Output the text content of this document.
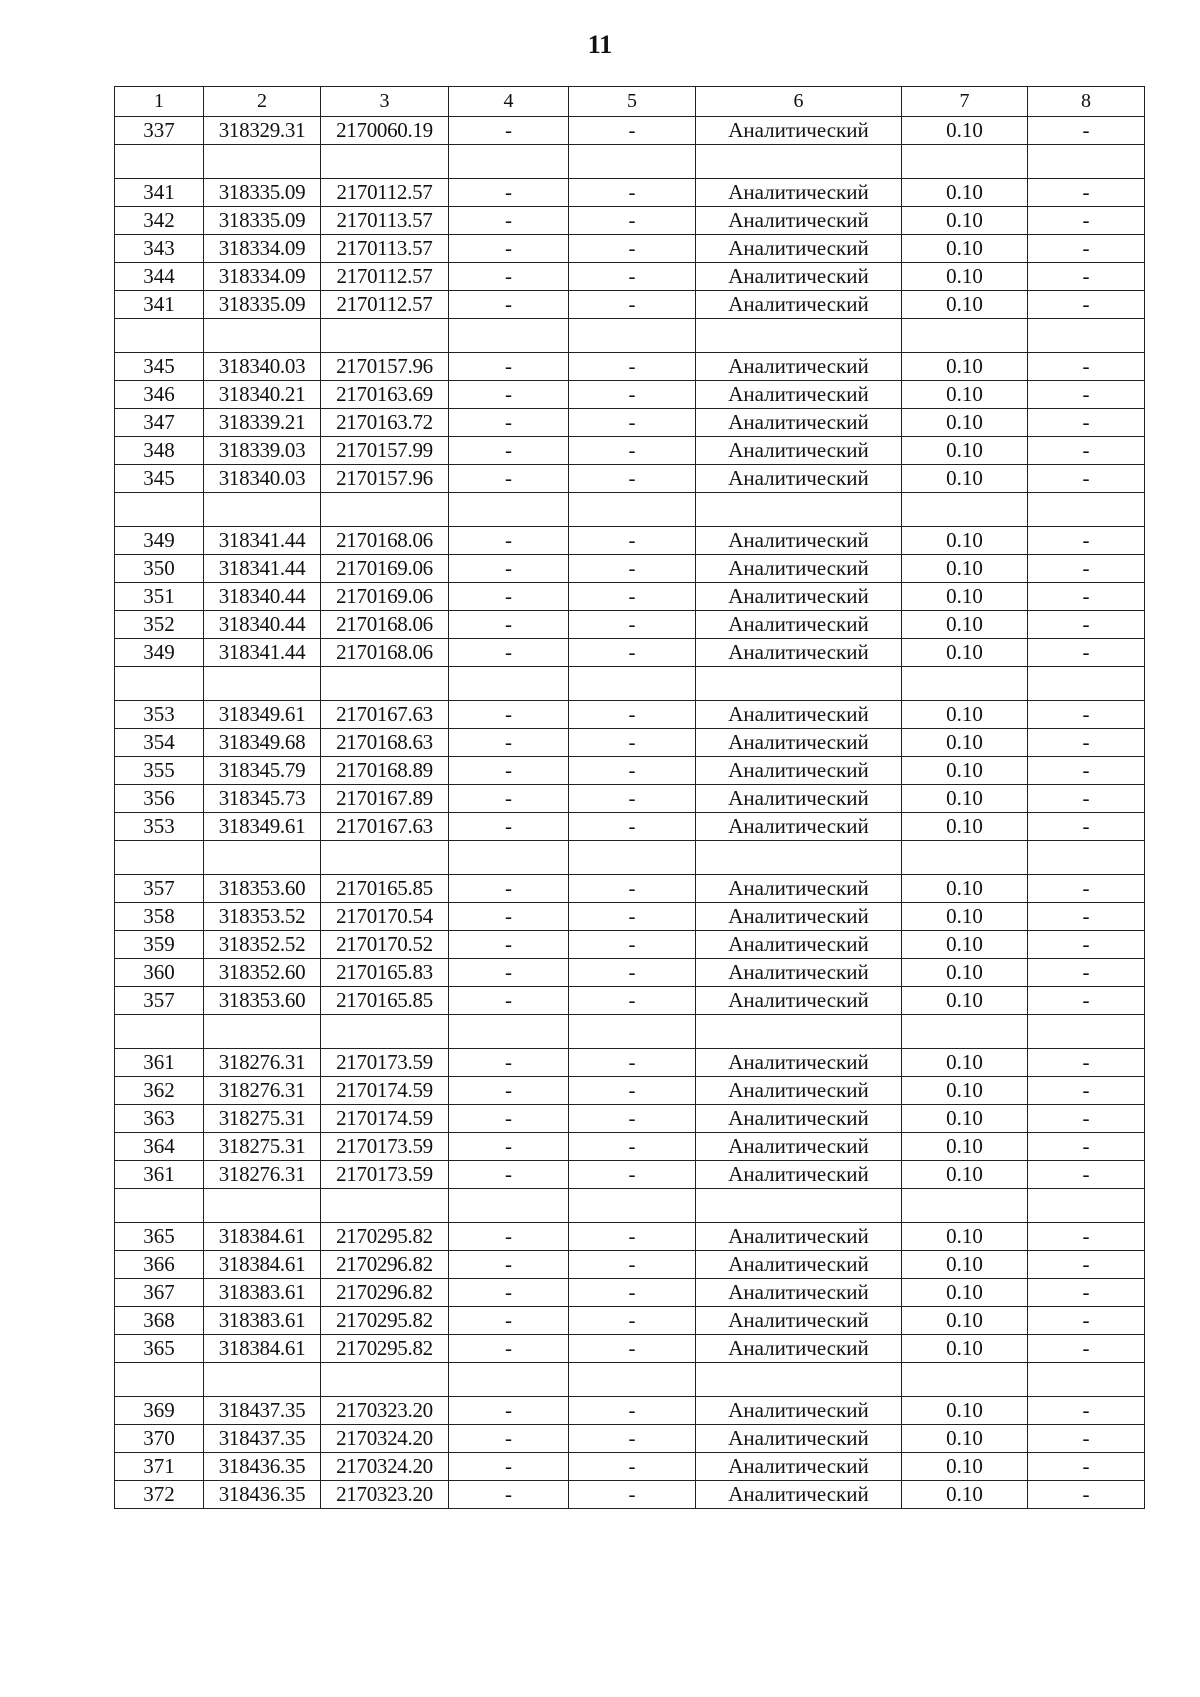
11
1	2	3	4	5	6	7	8
337	318329.31	2170060.19	-	-	Аналитический	0.10	-

341	318335.09	2170112.57	-	-	Аналитический	0.10	-
342	318335.09	2170113.57	-	-	Аналитический	0.10	-
343	318334.09	2170113.57	-	-	Аналитический	0.10	-
344	318334.09	2170112.57	-	-	Аналитический	0.10	-
341	318335.09	2170112.57	-	-	Аналитический	0.10	-

345	318340.03	2170157.96	-	-	Аналитический	0.10	-
346	318340.21	2170163.69	-	-	Аналитический	0.10	-
347	318339.21	2170163.72	-	-	Аналитический	0.10	-
348	318339.03	2170157.99	-	-	Аналитический	0.10	-
345	318340.03	2170157.96	-	-	Аналитический	0.10	-

349	318341.44	2170168.06	-	-	Аналитический	0.10	-
350	318341.44	2170169.06	-	-	Аналитический	0.10	-
351	318340.44	2170169.06	-	-	Аналитический	0.10	-
352	318340.44	2170168.06	-	-	Аналитический	0.10	-
349	318341.44	2170168.06	-	-	Аналитический	0.10	-

353	318349.61	2170167.63	-	-	Аналитический	0.10	-
354	318349.68	2170168.63	-	-	Аналитический	0.10	-
355	318345.79	2170168.89	-	-	Аналитический	0.10	-
356	318345.73	2170167.89	-	-	Аналитический	0.10	-
353	318349.61	2170167.63	-	-	Аналитический	0.10	-

357	318353.60	2170165.85	-	-	Аналитический	0.10	-
358	318353.52	2170170.54	-	-	Аналитический	0.10	-
359	318352.52	2170170.52	-	-	Аналитический	0.10	-
360	318352.60	2170165.83	-	-	Аналитический	0.10	-
357	318353.60	2170165.85	-	-	Аналитический	0.10	-

361	318276.31	2170173.59	-	-	Аналитический	0.10	-
362	318276.31	2170174.59	-	-	Аналитический	0.10	-
363	318275.31	2170174.59	-	-	Аналитический	0.10	-
364	318275.31	2170173.59	-	-	Аналитический	0.10	-
361	318276.31	2170173.59	-	-	Аналитический	0.10	-

365	318384.61	2170295.82	-	-	Аналитический	0.10	-
366	318384.61	2170296.82	-	-	Аналитический	0.10	-
367	318383.61	2170296.82	-	-	Аналитический	0.10	-
368	318383.61	2170295.82	-	-	Аналитический	0.10	-
365	318384.61	2170295.82	-	-	Аналитический	0.10	-

369	318437.35	2170323.20	-	-	Аналитический	0.10	-
370	318437.35	2170324.20	-	-	Аналитический	0.10	-
371	318436.35	2170324.20	-	-	Аналитический	0.10	-
372	318436.35	2170323.20	-	-	Аналитический	0.10	-
